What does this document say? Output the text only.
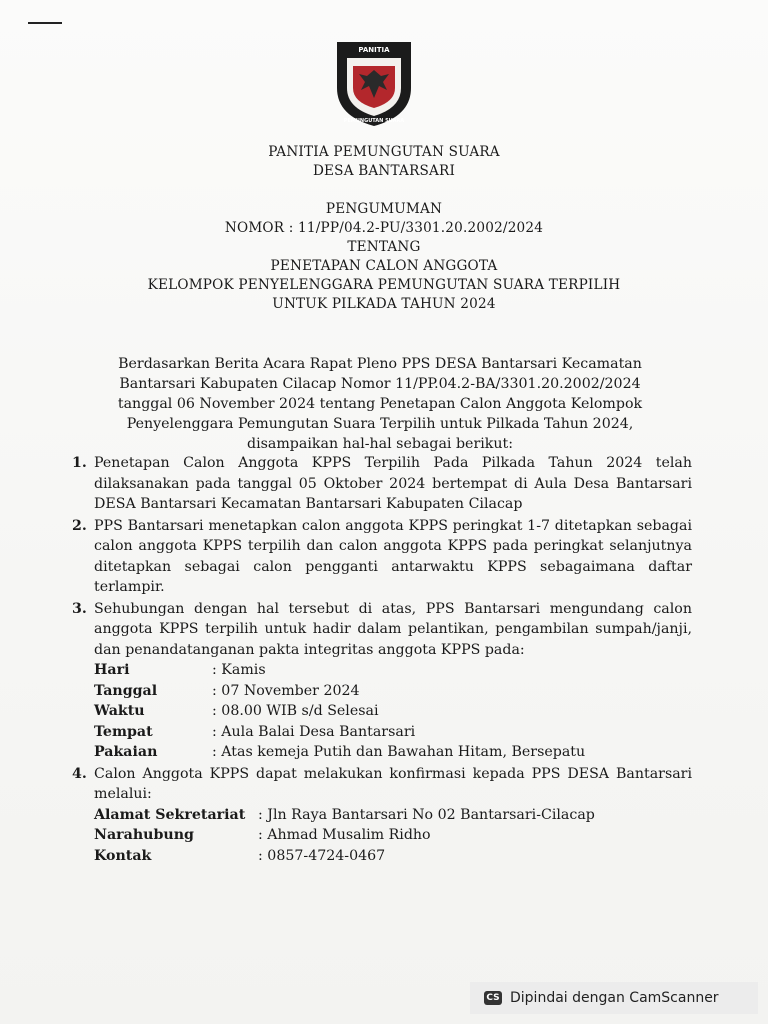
PANITIA
PEMUNGUTAN SUARA
PANITIA PEMUNGUTAN SUARA
DESA BANTARSARI
PENGUMUMAN
NOMOR : 11/PP/04.2-PU/3301.20.2002/2024
TENTANG
PENETAPAN CALON ANGGOTA
KELOMPOK PENYELENGGARA PEMUNGUTAN SUARA TERPILIH
UNTUK PILKADA TAHUN 2024
Berdasarkan Berita Acara Rapat Pleno PPS DESA Bantarsari Kecamatan
Bantarsari Kabupaten Cilacap Nomor 11/PP.04.2-BA/3301.20.2002/2024
tanggal 06 November 2024 tentang Penetapan Calon Anggota Kelompok
Penyelenggara Pemungutan Suara Terpilih untuk Pilkada Tahun 2024,
disampaikan hal-hal sebagai berikut:
1. Penetapan Calon Anggota KPPS Terpilih Pada Pilkada Tahun 2024 telah dilaksanakan pada tanggal 05 Oktober 2024 bertempat di Aula Desa Bantarsari DESA Bantarsari Kecamatan Bantarsari Kabupaten Cilacap
2. PPS Bantarsari menetapkan calon anggota KPPS peringkat 1-7 ditetapkan sebagai calon anggota KPPS terpilih dan calon anggota KPPS pada peringkat selanjutnya ditetapkan sebagai calon pengganti antarwaktu KPPS sebagaimana daftar terlampir.
3. Sehubungan dengan hal tersebut di atas, PPS Bantarsari mengundang calon anggota KPPS terpilih untuk hadir dalam pelantikan, pengambilan sumpah/janji, dan penandatanganan pakta integritas anggota KPPS pada:
Hari	: Kamis
Tanggal	: 07 November 2024
Waktu	: 08.00 WIB s/d Selesai
Tempat	: Aula Balai Desa Bantarsari
Pakaian	: Atas kemeja Putih dan Bawahan Hitam, Bersepatu
4. Calon Anggota KPPS dapat melakukan konfirmasi kepada PPS DESA Bantarsari melalui:
Alamat Sekretariat : Jln Raya Bantarsari No 02 Bantarsari-Cilacap
Narahubung	: Ahmad Musalim Ridho
Kontak	: 0857-4724-0467
CS Dipindai dengan CamScanner
